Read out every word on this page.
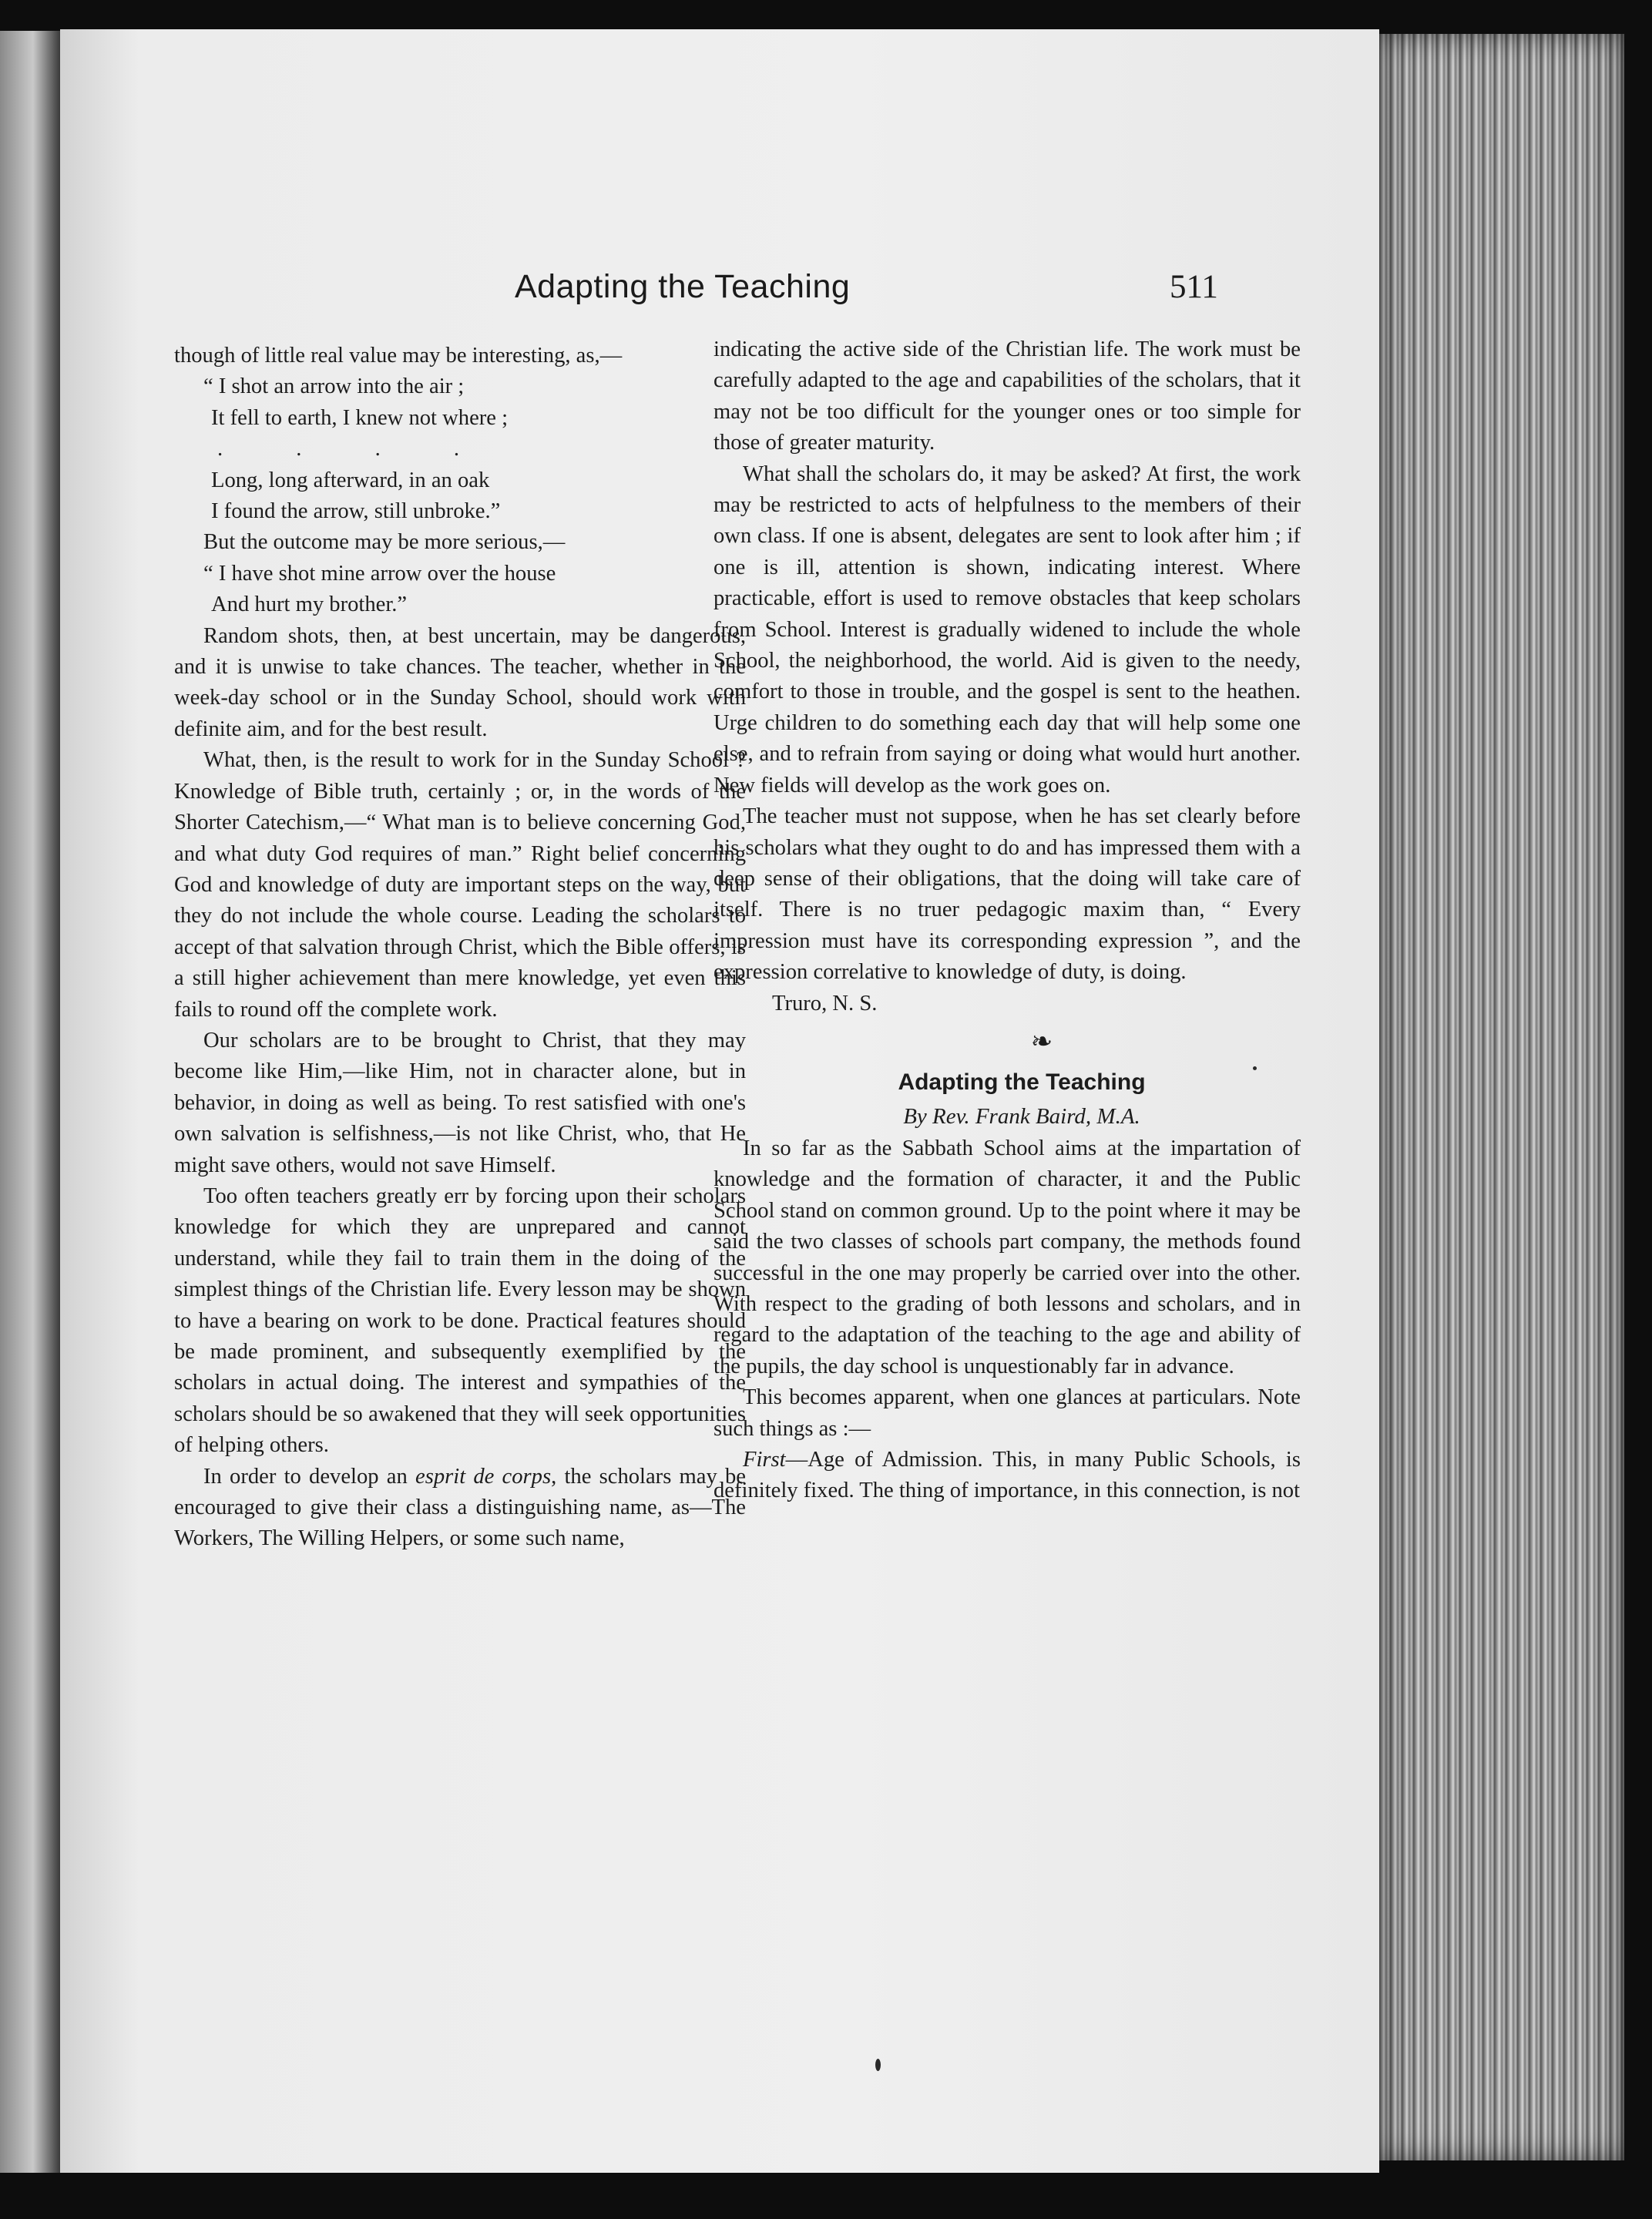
Adapting the Teaching	511

though of little real value may be interesting, as,—

“ I shot an arrow into the air ;
It fell to earth, I knew not where ;
. . . .
Long, long afterward, in an oak
I found the arrow, still unbroke.”

But the outcome may be more serious,—

“ I have shot mine arrow over the house
And hurt my brother.”

Random shots, then, at best uncertain, may be dangerous, and it is unwise to take chances. The teacher, whether in the week-day school or in the Sunday School, should work with definite aim, and for the best result.

What, then, is the result to work for in the Sunday School ? Knowledge of Bible truth, certainly ; or, in the words of the Shorter Catechism,—“ What man is to believe concerning God, and what duty God requires of man.” Right belief concerning God and knowledge of duty are important steps on the way, but they do not include the whole course. Leading the scholars to accept of that salvation through Christ, which the Bible offers, is a still higher achievement than mere knowledge, yet even this fails to round off the complete work.

Our scholars are to be brought to Christ, that they may become like Him,—like Him, not in character alone, but in behavior, in doing as well as being. To rest satisfied with one's own salvation is selfishness,—is not like Christ, who, that He might save others, would not save Himself.

Too often teachers greatly err by forcing upon their scholars knowledge for which they are unprepared and cannot understand, while they fail to train them in the doing of the simplest things of the Christian life. Every lesson may be shown to have a bearing on work to be done. Practical features should be made prominent, and subsequently exemplified by the scholars in actual doing. The interest and sympathies of the scholars should be so awakened that they will seek opportunities of helping others.

In order to develop an esprit de corps, the scholars may be encouraged to give their class a distinguishing name, as—The Workers, The Willing Helpers, or some such name,

indicating the active side of the Christian life. The work must be carefully adapted to the age and capabilities of the scholars, that it may not be too difficult for the younger ones or too simple for those of greater maturity.

What shall the scholars do, it may be asked? At first, the work may be restricted to acts of helpfulness to the members of their own class. If one is absent, delegates are sent to look after him ; if one is ill, attention is shown, indicating interest. Where practicable, effort is used to remove obstacles that keep scholars from School. Interest is gradually widened to include the whole School, the neighborhood, the world. Aid is given to the needy, comfort to those in trouble, and the gospel is sent to the heathen. Urge children to do something each day that will help some one else, and to refrain from saying or doing what would hurt another. New fields will develop as the work goes on.

The teacher must not suppose, when he has set clearly before his scholars what they ought to do and has impressed them with a deep sense of their obligations, that the doing will take care of itself. There is no truer pedagogic maxim than, “ Every impression must have its corresponding expression ”, and the expression correlative to knowledge of duty, is doing.

Truro, N. S.

❧

Adapting the Teaching

By Rev. Frank Baird, M.A.

In so far as the Sabbath School aims at the impartation of knowledge and the formation of character, it and the Public School stand on common ground. Up to the point where it may be said the two classes of schools part company, the methods found successful in the one may properly be carried over into the other. With respect to the grading of both lessons and scholars, and in regard to the adaptation of the teaching to the age and ability of the pupils, the day school is unquestionably far in advance.

This becomes apparent, when one glances at particulars. Note such things as :—

First—Age of Admission. This, in many Public Schools, is definitely fixed. The thing of importance, in this connection, is not
